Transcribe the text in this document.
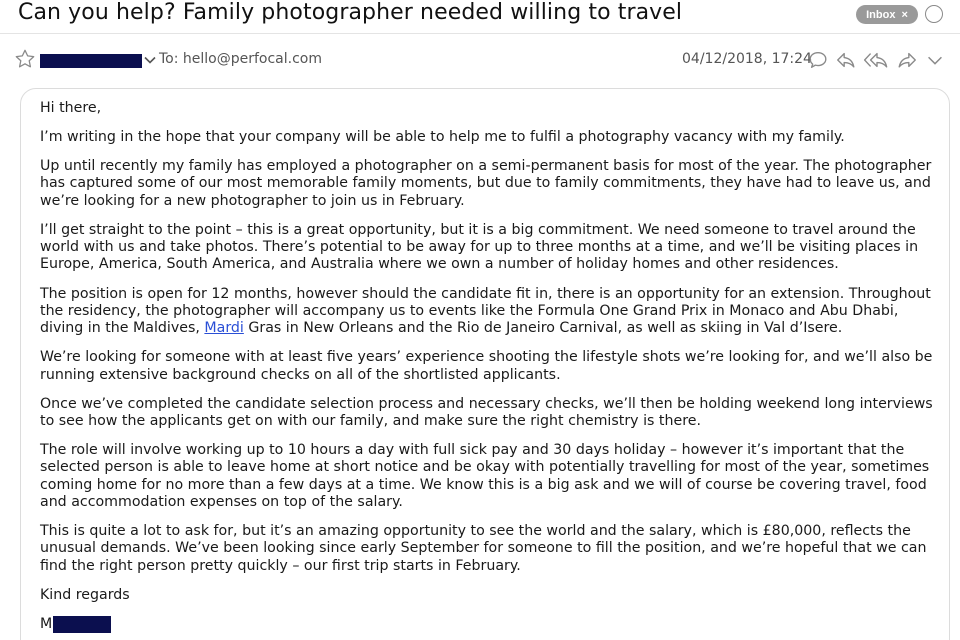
Can you help? Family photographer needed willing to travel	Inbox ×
To: hello@perfocal.com	04/12/2018, 17:24

Hi there,

I’m writing in the hope that your company will be able to help me to fulfil a photography vacancy with my family.

Up until recently my family has employed a photographer on a semi-permanent basis for most of the year. The photographer has captured some of our most memorable family moments, but due to family commitments, they have had to leave us, and we’re looking for a new photographer to join us in February.

I’ll get straight to the point – this is a great opportunity, but it is a big commitment. We need someone to travel around the world with us and take photos. There’s potential to be away for up to three months at a time, and we’ll be visiting places in Europe, America, South America, and Australia where we own a number of holiday homes and other residences.

The position is open for 12 months, however should the candidate fit in, there is an opportunity for an extension. Throughout the residency, the photographer will accompany us to events like the Formula One Grand Prix in Monaco and Abu Dhabi, diving in the Maldives, Mardi Gras in New Orleans and the Rio de Janeiro Carnival, as well as skiing in Val d’Isere.

We’re looking for someone with at least five years’ experience shooting the lifestyle shots we’re looking for, and we’ll also be running extensive background checks on all of the shortlisted applicants.

Once we’ve completed the candidate selection process and necessary checks, we’ll then be holding weekend long interviews to see how the applicants get on with our family, and make sure the right chemistry is there.

The role will involve working up to 10 hours a day with full sick pay and 30 days holiday – however it’s important that the selected person is able to leave home at short notice and be okay with potentially travelling for most of the year, sometimes coming home for no more than a few days at a time. We know this is a big ask and we will of course be covering travel, food and accommodation expenses on top of the salary.

This is quite a lot to ask for, but it’s an amazing opportunity to see the world and the salary, which is £80,000, reflects the unusual demands. We’ve been looking since early September for someone to fill the position, and we’re hopeful that we can find the right person pretty quickly – our first trip starts in February.

Kind regards

M
